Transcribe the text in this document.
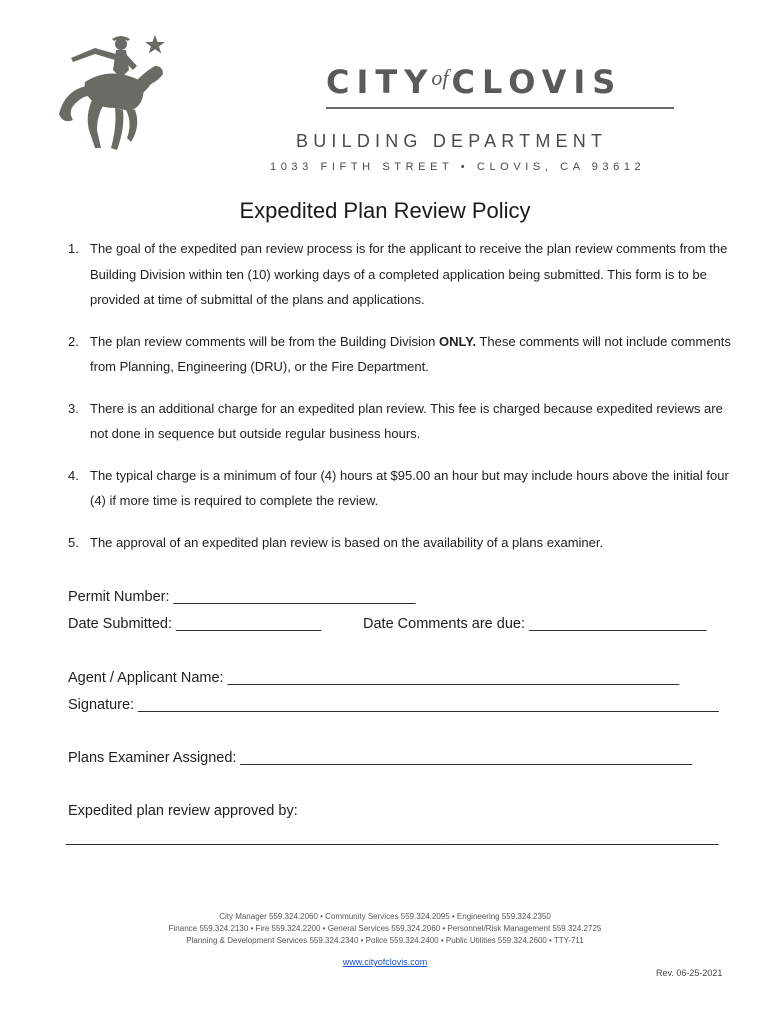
$CITY^{of}CLOVIS$
BUILDING DEPARTMENT
1033 FIFTH STREET • CLOVIS, CA 93612
Expedited Plan Review Policy
1. The goal of the expedited pan review process is for the applicant to receive the plan review comments from the Building Division within ten (10) working days of a completed application being submitted. This form is to be provided at time of submittal of the plans and applications.
2. The plan review comments will be from the Building Division ONLY. These comments will not include comments from Planning, Engineering (DRU), or the Fire Department.
3. There is an additional charge for an expedited plan review. This fee is charged because expedited reviews are not done in sequence but outside regular business hours.
4. The typical charge is a minimum of four (4) hours at $95.00 an hour but may include hours above the initial four (4) if more time is required to complete the review.
5. The approval of an expedited plan review is based on the availability of a plans examiner.
Permit Number: ______________________________
Date Submitted: __________________	Date Comments are due: ______________________
Agent / Applicant Name: ________________________________________________________
Signature: ________________________________________________________________________
Plans Examiner Assigned: ________________________________________________________
Expedited plan review approved by:
____________________________________________________________________________________
City Manager 559.324.2060 • Community Services 559.324.2095 • Engineering 559.324.2350
Finance 559.324.2130 • Fire 559.324.2200 • General Services 559.324.2060 • Personnel/Risk Management 559.324.2725
Planning & Development Services 559.324.2340 • Police 559.324.2400 • Public Utilities 559.324.2600 • TTY-711
www.cityofclovis.com
Rev. 06-25-2021
